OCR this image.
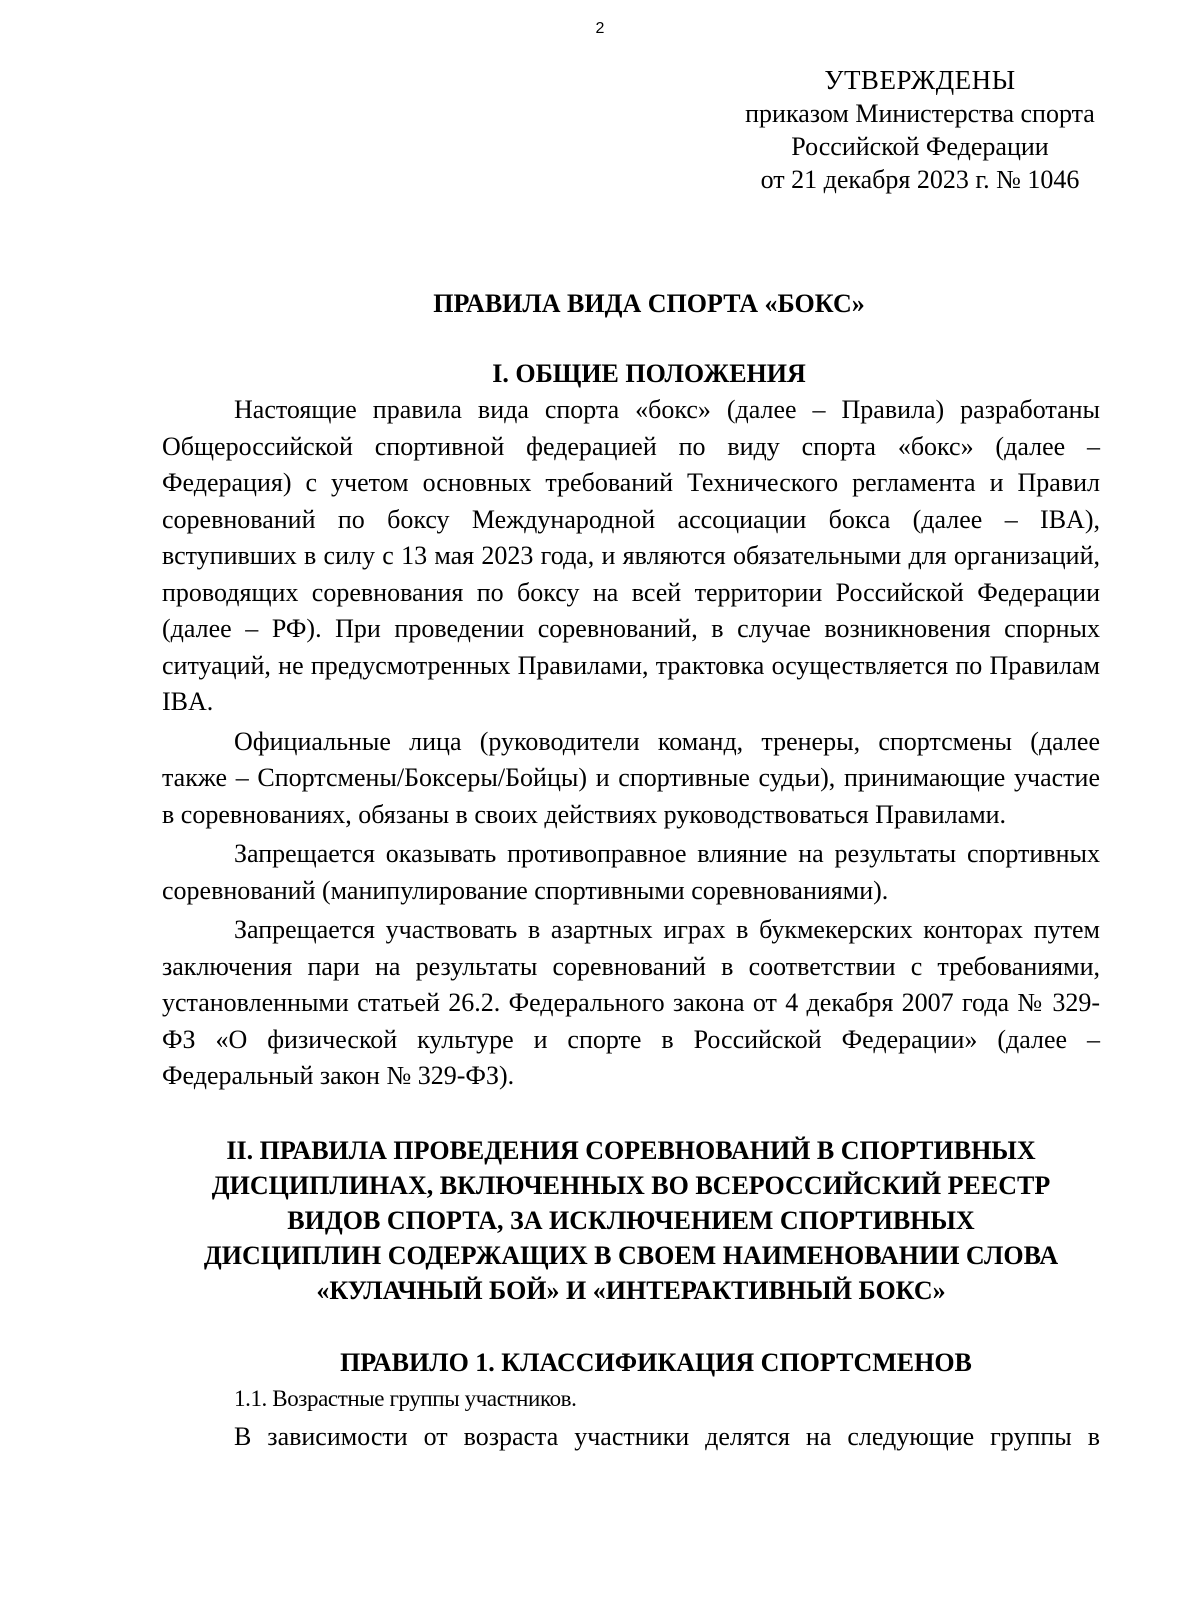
2
УТВЕРЖДЕНЫ
приказом Министерства спорта
Российской Федерации
от 21 декабря 2023 г. № 1046
ПРАВИЛА ВИДА СПОРТА «БОКС»
I. ОБЩИЕ ПОЛОЖЕНИЯ

Настоящие правила вида спорта «бокс» (далее – Правила) разработаны Общероссийской спортивной федерацией по виду спорта «бокс» (далее – Федерация) с учетом основных требований Технического регламента и Правил соревнований по боксу Международной ассоциации бокса (далее – IBA), вступивших в силу с 13 мая 2023 года, и являются обязательными для организаций, проводящих соревнования по боксу на всей территории Российской Федерации (далее – РФ). При проведении соревнований, в случае возникновения спорных ситуаций, не предусмотренных Правилами, трактовка осуществляется по Правилам IBA.

Официальные лица (руководители команд, тренеры, спортсмены (далее также – Спортсмены/Боксеры/Бойцы) и спортивные судьи), принимающие участие в соревнованиях, обязаны в своих действиях руководствоваться Правилами.

Запрещается оказывать противоправное влияние на результаты спортивных соревнований (манипулирование спортивными соревнованиями).

Запрещается участвовать в азартных играх в букмекерских конторах путем заключения пари на результаты соревнований в соответствии с требованиями, установленными статьей 26.2. Федерального закона от 4 декабря 2007 года № 329-ФЗ «О физической культуре и спорте в Российской Федерации» (далее – Федеральный закон № 329-ФЗ).

II. ПРАВИЛА ПРОВЕДЕНИЯ СОРЕВНОВАНИЙ В СПОРТИВНЫХ
ДИСЦИПЛИНАХ, ВКЛЮЧЕННЫХ ВО ВСЕРОССИЙСКИЙ РЕЕСТР
ВИДОВ СПОРТА, ЗА ИСКЛЮЧЕНИЕМ СПОРТИВНЫХ
ДИСЦИПЛИН СОДЕРЖАЩИХ В СВОЕМ НАИМЕНОВАНИИ СЛОВА
«КУЛАЧНЫЙ БОЙ» И «ИНТЕРАКТИВНЫЙ БОКС»
ПРАВИЛО 1. КЛАССИФИКАЦИЯ СПОРТСМЕНОВ
1.1. Возрастные группы участников.
В зависимости от возраста участники делятся на следующие группы в
